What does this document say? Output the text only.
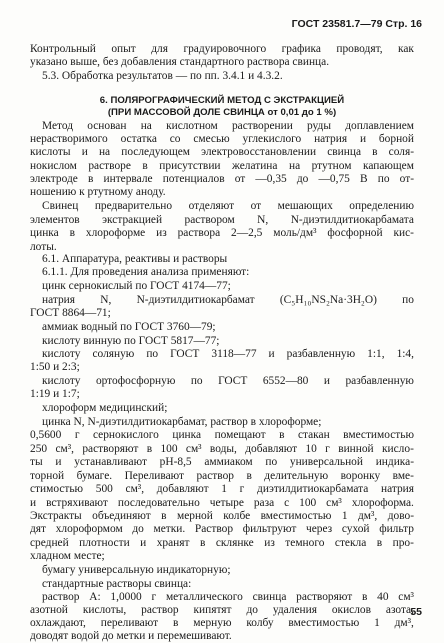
ГОСТ 23581.7—79 Стр. 16
6. ПОЛЯРОГРАФИЧЕСКИЙ МЕТОД С ЭКСТРАКЦИЕЙ
(ПРИ МАССОВОЙ ДОЛЕ СВИНЦА от 0,01 до 1 %)
Контрольный опыт для градуировочного графика проводят, как
указано выше, без добавления стандартного раствора свинца.
5.3. Обработка результатов — по пп. 3.4.1 и 4.3.2.
Метод основан на кислотном растворении руды доплавлением
нерастворимого остатка со смесью углекислого натрия и борной
кислоты и на последующем электровосстановлении свинца в соля-
нокислом растворе в присутствии желатина на ртутном капающем
электроде в интервале потенциалов от —0,35 до —0,75 В по от-
ношению к ртутному аноду.
Свинец предварительно отделяют от мешающих определению
элементов экстракцией раствором N, N-диэтилдитиокарбамата
цинка в хлороформе из раствора 2—2,5 моль/дм³ фосфорной кис-
лоты.
6.1. Аппаратура, реактивы и растворы
6.1.1. Для проведения анализа применяют:
цинк сернокислый по ГОСТ 4174—77;
натрия N, N-диэтилдитиокарбамат (C₅H₁₀NS₂Na·3H₂O) по
ГОСТ 8864—71;
аммиак водный по ГОСТ 3760—79;
кислоту винную по ГОСТ 5817—77;
кислоту соляную по ГОСТ 3118—77 и разбавленную 1:1, 1:4,
1:50 и 2:3;
кислоту ортофосфорную по ГОСТ 6552—80 и разбавленную
1:19 и 1:7;
хлороформ медицинский;
цинка N, N-диэтилдитиокарбамат, раствор в хлороформе;
0,5600 г сернокислого цинка помещают в стакан вместимостью
250 см³, растворяют в 100 см³ воды, добавляют 10 г винной кисло-
ты и устанавливают pH-8,5 аммиаком по универсальной индика-
торной бумаге. Переливают раствор в делительную воронку вме-
стимостью 500 см³, добавляют 1 г диэтилдитиокарбамата натрия
и встряхивают последовательно четыре раза с 100 см³ хлороформа.
Экстракты объединяют в мерной колбе вместимостью 1 дм³, дово-
дят хлороформом до метки. Раствор фильтруют через сухой фильтр
средней плотности и хранят в склянке из темного стекла в про-
хладном месте;
бумагу универсальную индикаторную;
стандартные растворы свинца:
раствор А: 1,0000 г металлического свинца растворяют в 40 см³
азотной кислоты, раствор кипятят до удаления окислов азота,
охлаждают, переливают в мерную колбу вместимостью 1 дм³,
доводят водой до метки и перемешивают.
55
